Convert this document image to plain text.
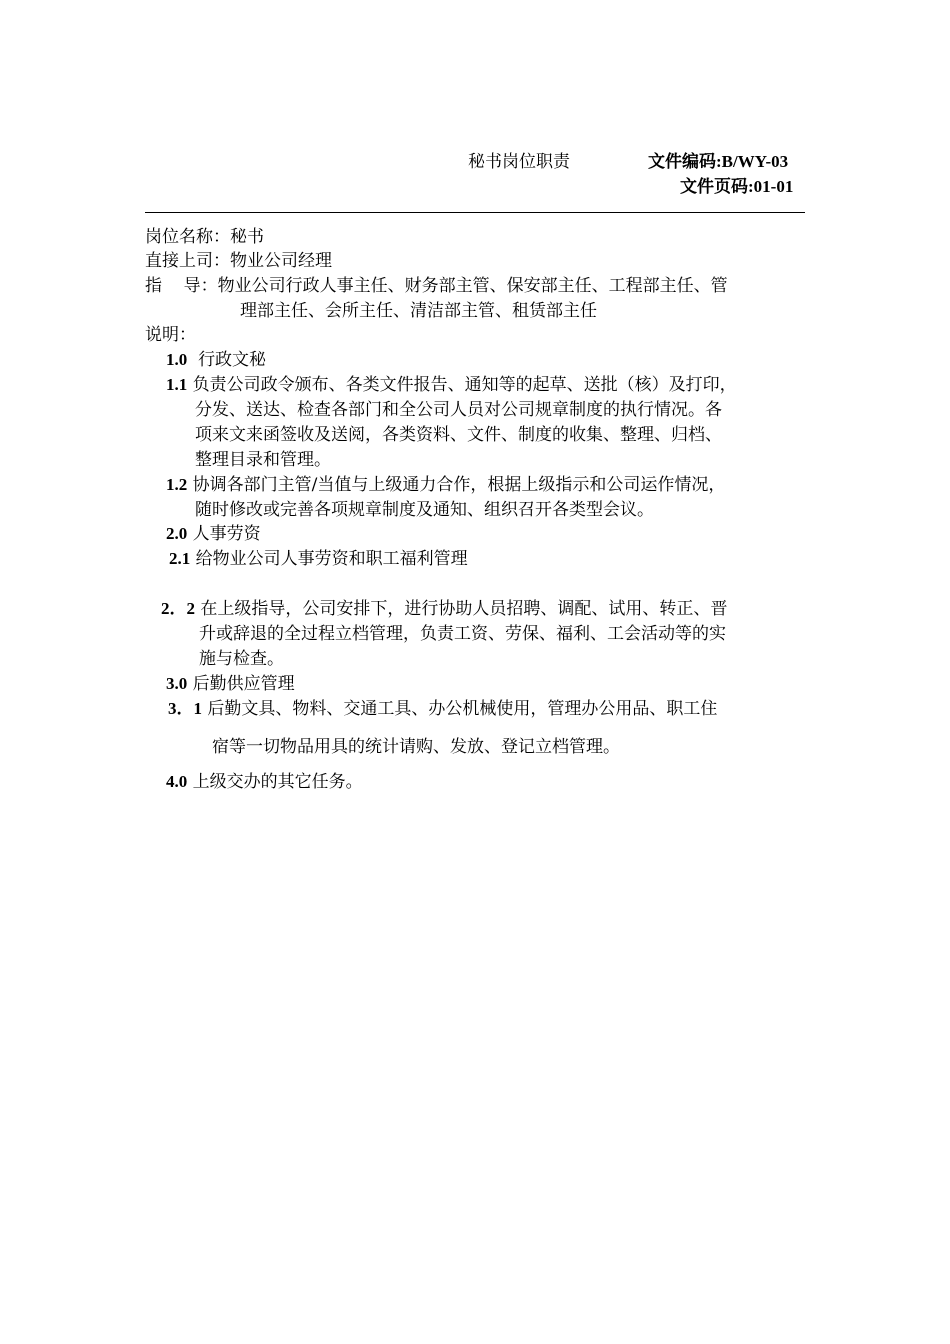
秘书岗位职责	文件编码:B/WY-03
文件页码:01-01
岗位名称：秘书
直接上司：物业公司经理
指    导：物业公司行政人事主任、财务部主管、保安部主任、工程部主任、管
理部主任、会所主任、清洁部主管、租赁部主任
说明：
1.0 行政文秘
1.1 负责公司政令颁布、各类文件报告、通知等的起草、送批（核）及打印，
分发、送达、检查各部门和全公司人员对公司规章制度的执行情况。各
项来文来函签收及送阅，各类资料、文件、制度的收集、整理、归档、
整理目录和管理。
1.2 协调各部门主管/当值与上级通力合作，根据上级指示和公司运作情况，
随时修改或完善各项规章制度及通知、组织召开各类型会议。
2.0 人事劳资
2.1 给物业公司人事劳资和职工福利管理
2．2 在上级指导，公司安排下，进行协助人员招聘、调配、试用、转正、晋
升或辞退的全过程立档管理，负责工资、劳保、福利、工会活动等的实
施与检查。
3.0 后勤供应管理
3．1 后勤文具、物料、交通工具、办公机械使用，管理办公用品、职工住
宿等一切物品用具的统计请购、发放、登记立档管理。
4.0 上级交办的其它任务。
